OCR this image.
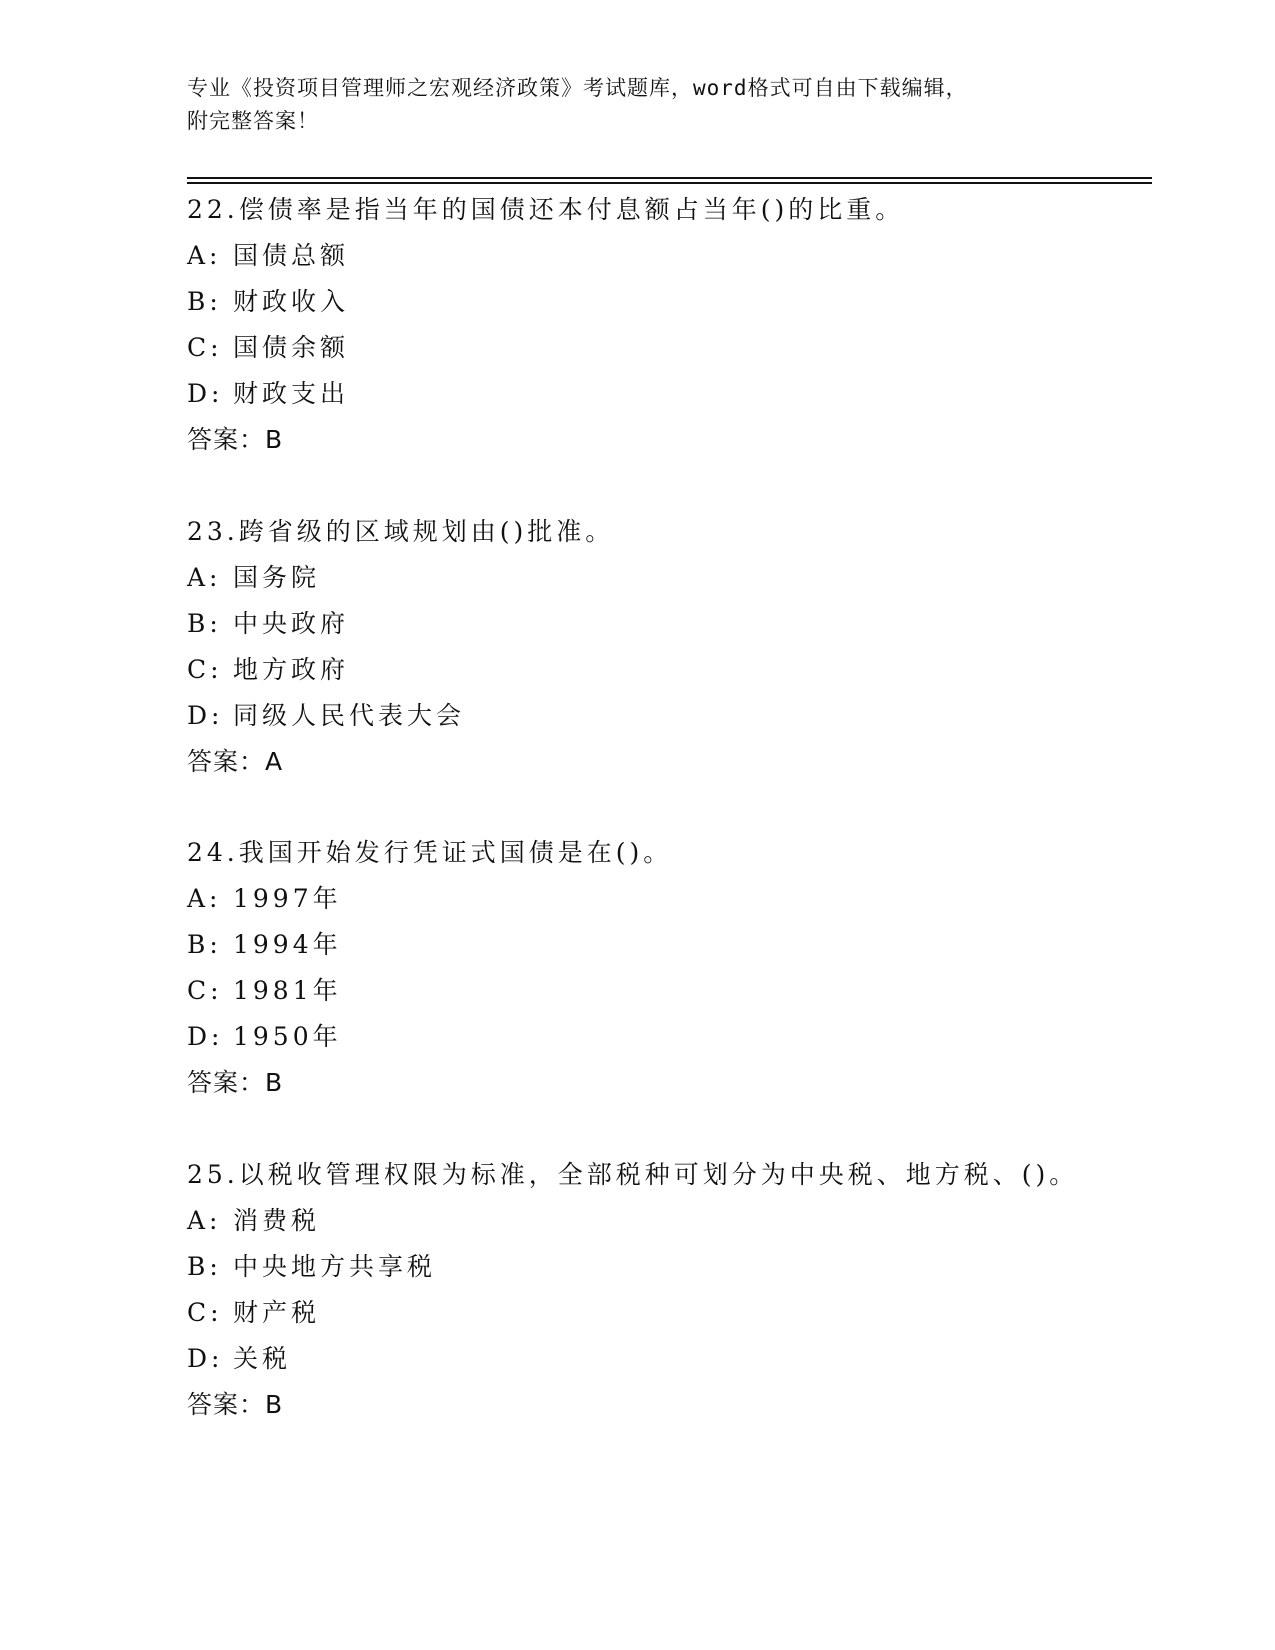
专业《投资项目管理师之宏观经济政策》考试题库，word格式可自由下载编辑，
附完整答案！
22.偿债率是指当年的国债还本付息额占当年()的比重。
A: 国债总额
B: 财政收入
C: 国债余额
D: 财政支出
答案：B
23.跨省级的区域规划由()批准。
A: 国务院
B: 中央政府
C: 地方政府
D: 同级人民代表大会
答案：A
24.我国开始发行凭证式国债是在()。
A: 1997年
B: 1994年
C: 1981年
D: 1950年
答案：B
25.以税收管理权限为标准，全部税种可划分为中央税、地方税、()。
A: 消费税
B: 中央地方共享税
C: 财产税
D: 关税
答案：B
